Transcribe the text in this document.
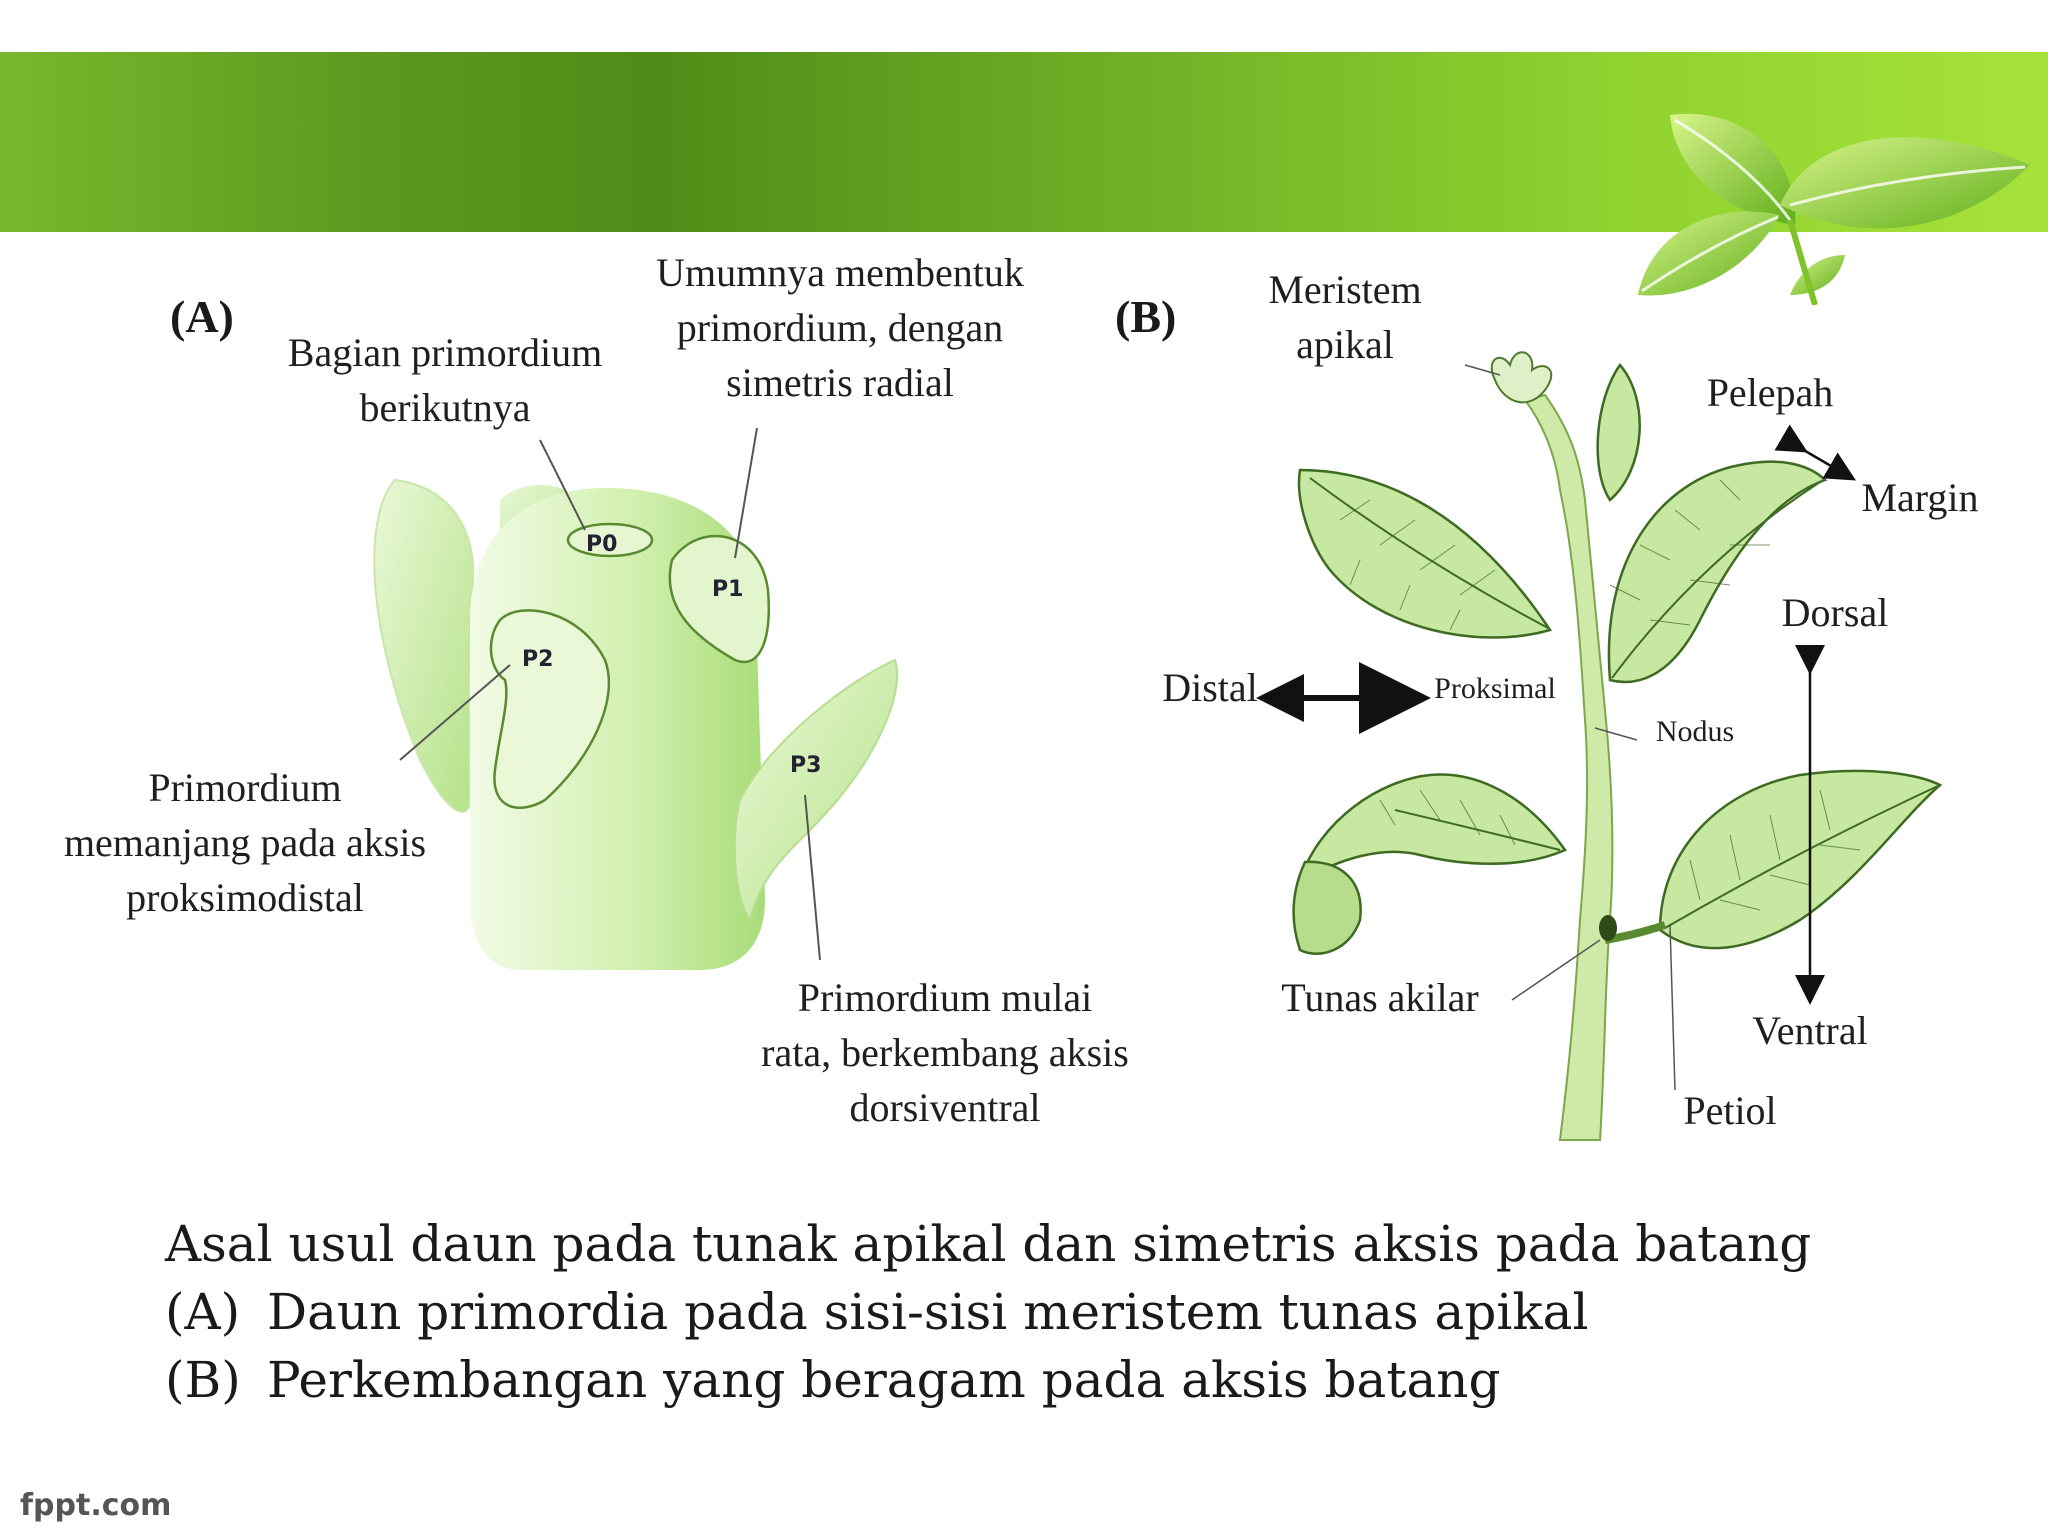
P0
P1
P2
P3
(A)
Bagian primordium berikutnya
Umumnya membentuk primordium, dengan simetris radial
Primordium memanjang pada aksis proksimodistal
Primordium mulai rata, berkembang aksis dorsiventral
(B)
Meristem apikal
Pelepah
Margin
Dorsal
Distal	Proksimal
Nodus
Tunas akilar
Ventral
Petiol
Asal usul daun pada tunak apikal dan simetris aksis pada batang
(A) Daun primordia pada sisi-sisi meristem tunas apikal
(B) Perkembangan yang beragam pada aksis batang
fppt.com
